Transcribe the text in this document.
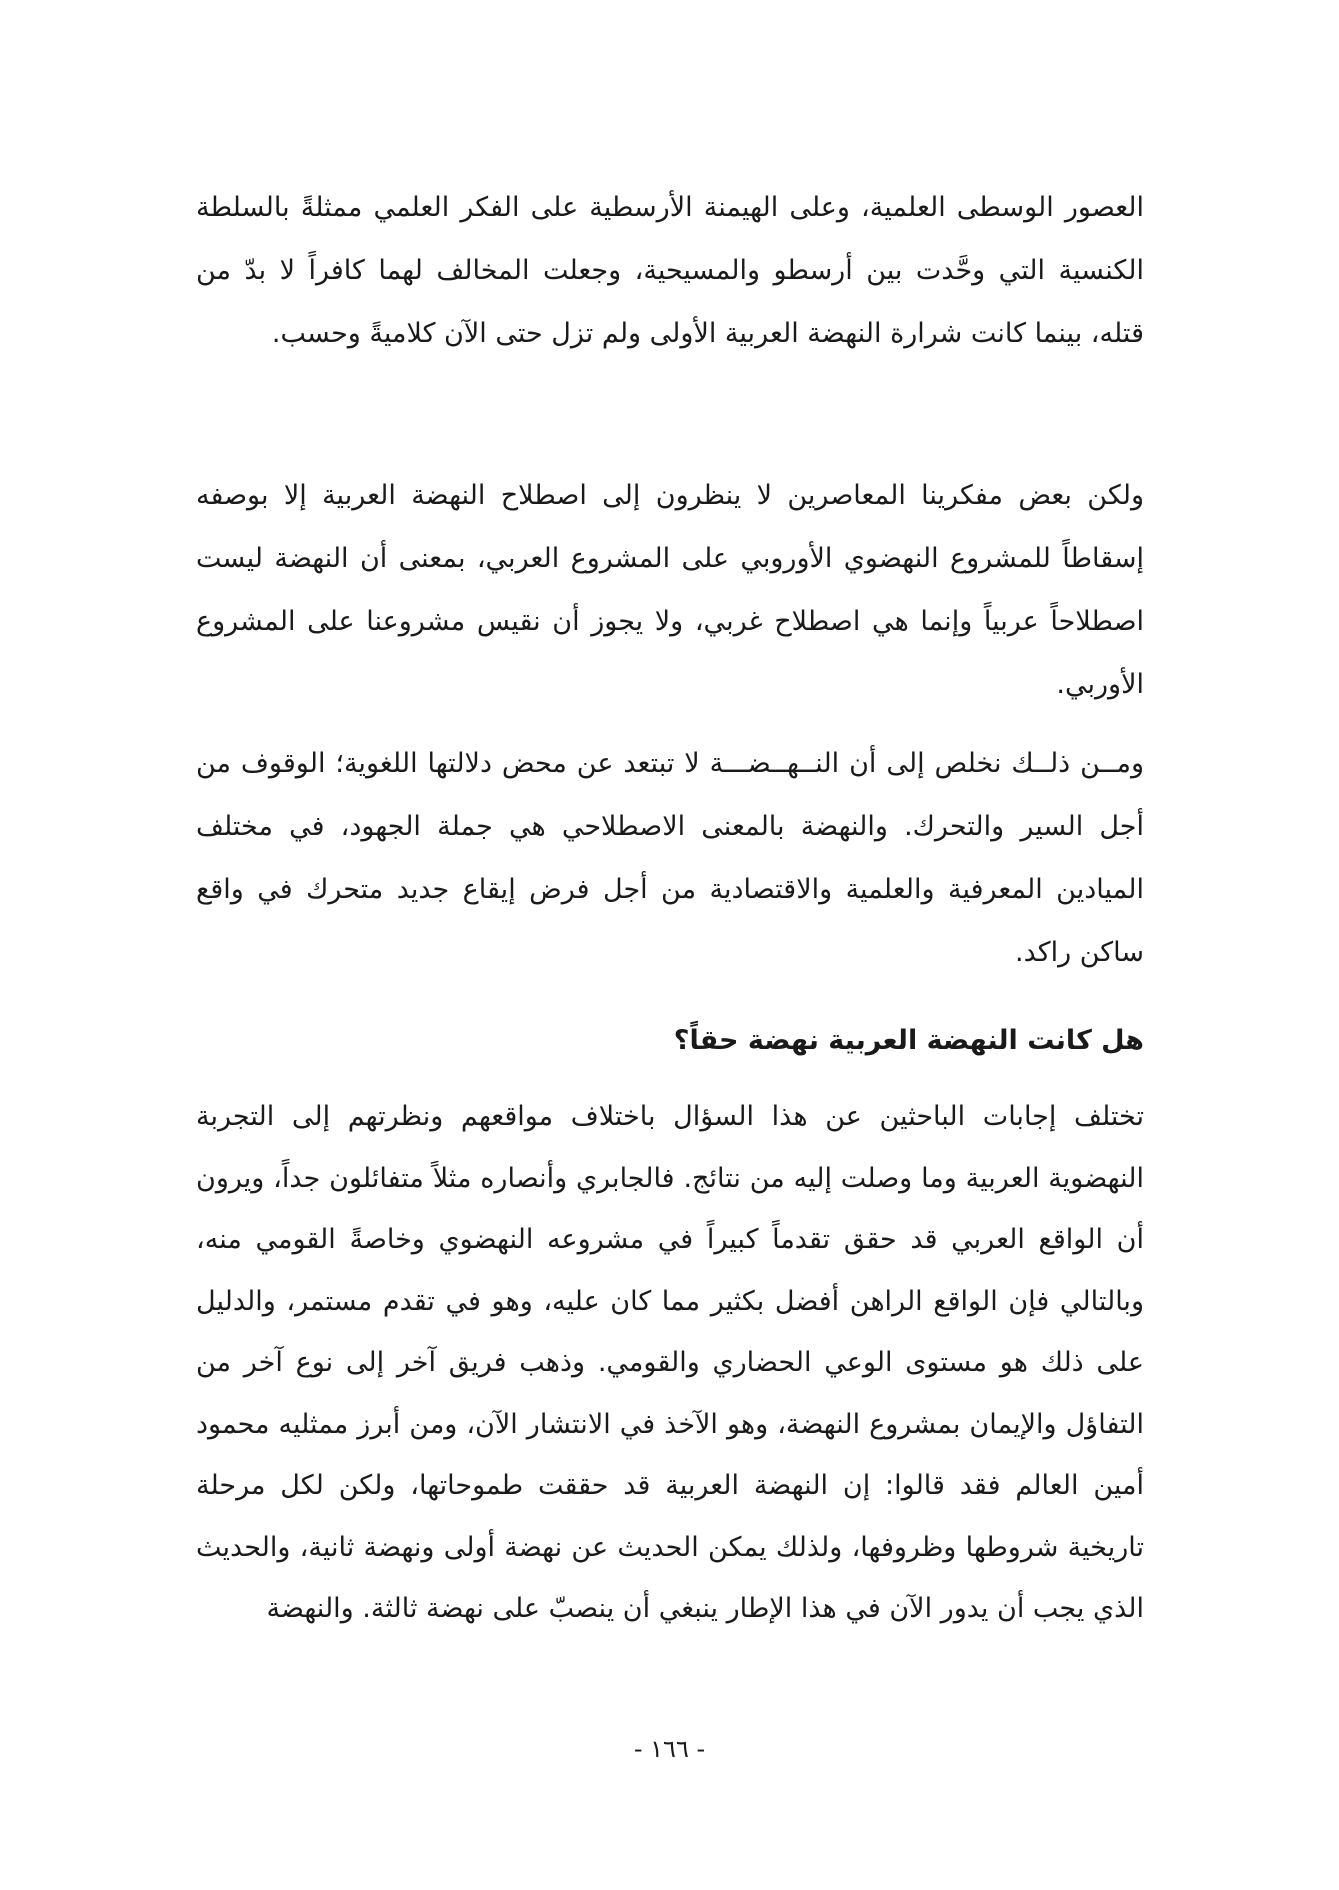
العصور الوسطى العلمية، وعلى الهيمنة الأرسطية على الفكر العلمي ممثلةً بالسلطة الكنسية التي وحَّدت بين أرسطو والمسيحية، وجعلت المخالف لهما كافراً لا بدّ من قتله، بينما كانت شرارة النهضة العربية الأولى ولم تزل حتى الآن كلاميةً وحسب.

ولكن بعض مفكرينا المعاصرين لا ينظرون إلى اصطلاح النهضة العربية إلا بوصفه إسقاطاً للمشروع النهضوي الأوروبي على المشروع العربي، بمعنى أن النهضة ليست اصطلاحاً عربياً وإنما هي اصطلاح غربي، ولا يجوز أن نقيس مشروعنا على المشروع الأوربي.

ومــن ذلــك نخلص إلى أن النــهــضـــة لا تبتعد عن محض دلالتها اللغوية؛ الوقوف من أجل السير والتحرك. والنهضة بالمعنى الاصطلاحي هي جملة الجهود، في مختلف الميادين المعرفية والعلمية والاقتصادية من أجل فرض إيقاع جديد متحرك في واقع ساكن راكد.

هل كانت النهضة العربية نهضة حقاً؟

تختلف إجابات الباحثين عن هذا السؤال باختلاف مواقعهم ونظرتهم إلى التجربة النهضوية العربية وما وصلت إليه من نتائج. فالجابري وأنصاره مثلاً متفائلون جداً، ويرون أن الواقع العربي قد حقق تقدماً كبيراً في مشروعه النهضوي وخاصةً القومي منه، وبالتالي فإن الواقع الراهن أفضل بكثير مما كان عليه، وهو في تقدم مستمر، والدليل على ذلك هو مستوى الوعي الحضاري والقومي. وذهب فريق آخر إلى نوع آخر من التفاؤل والإيمان بمشروع النهضة، وهو الآخذ في الانتشار الآن، ومن أبرز ممثليه محمود أمين العالم فقد قالوا: إن النهضة العربية قد حققت طموحاتها، ولكن لكل مرحلة تاريخية شروطها وظروفها، ولذلك يمكن الحديث عن نهضة أولى ونهضة ثانية، والحديث الذي يجب أن يدور الآن في هذا الإطار ينبغي أن ينصبّ على نهضة ثالثة. والنهضة

- ١٦٦ -
